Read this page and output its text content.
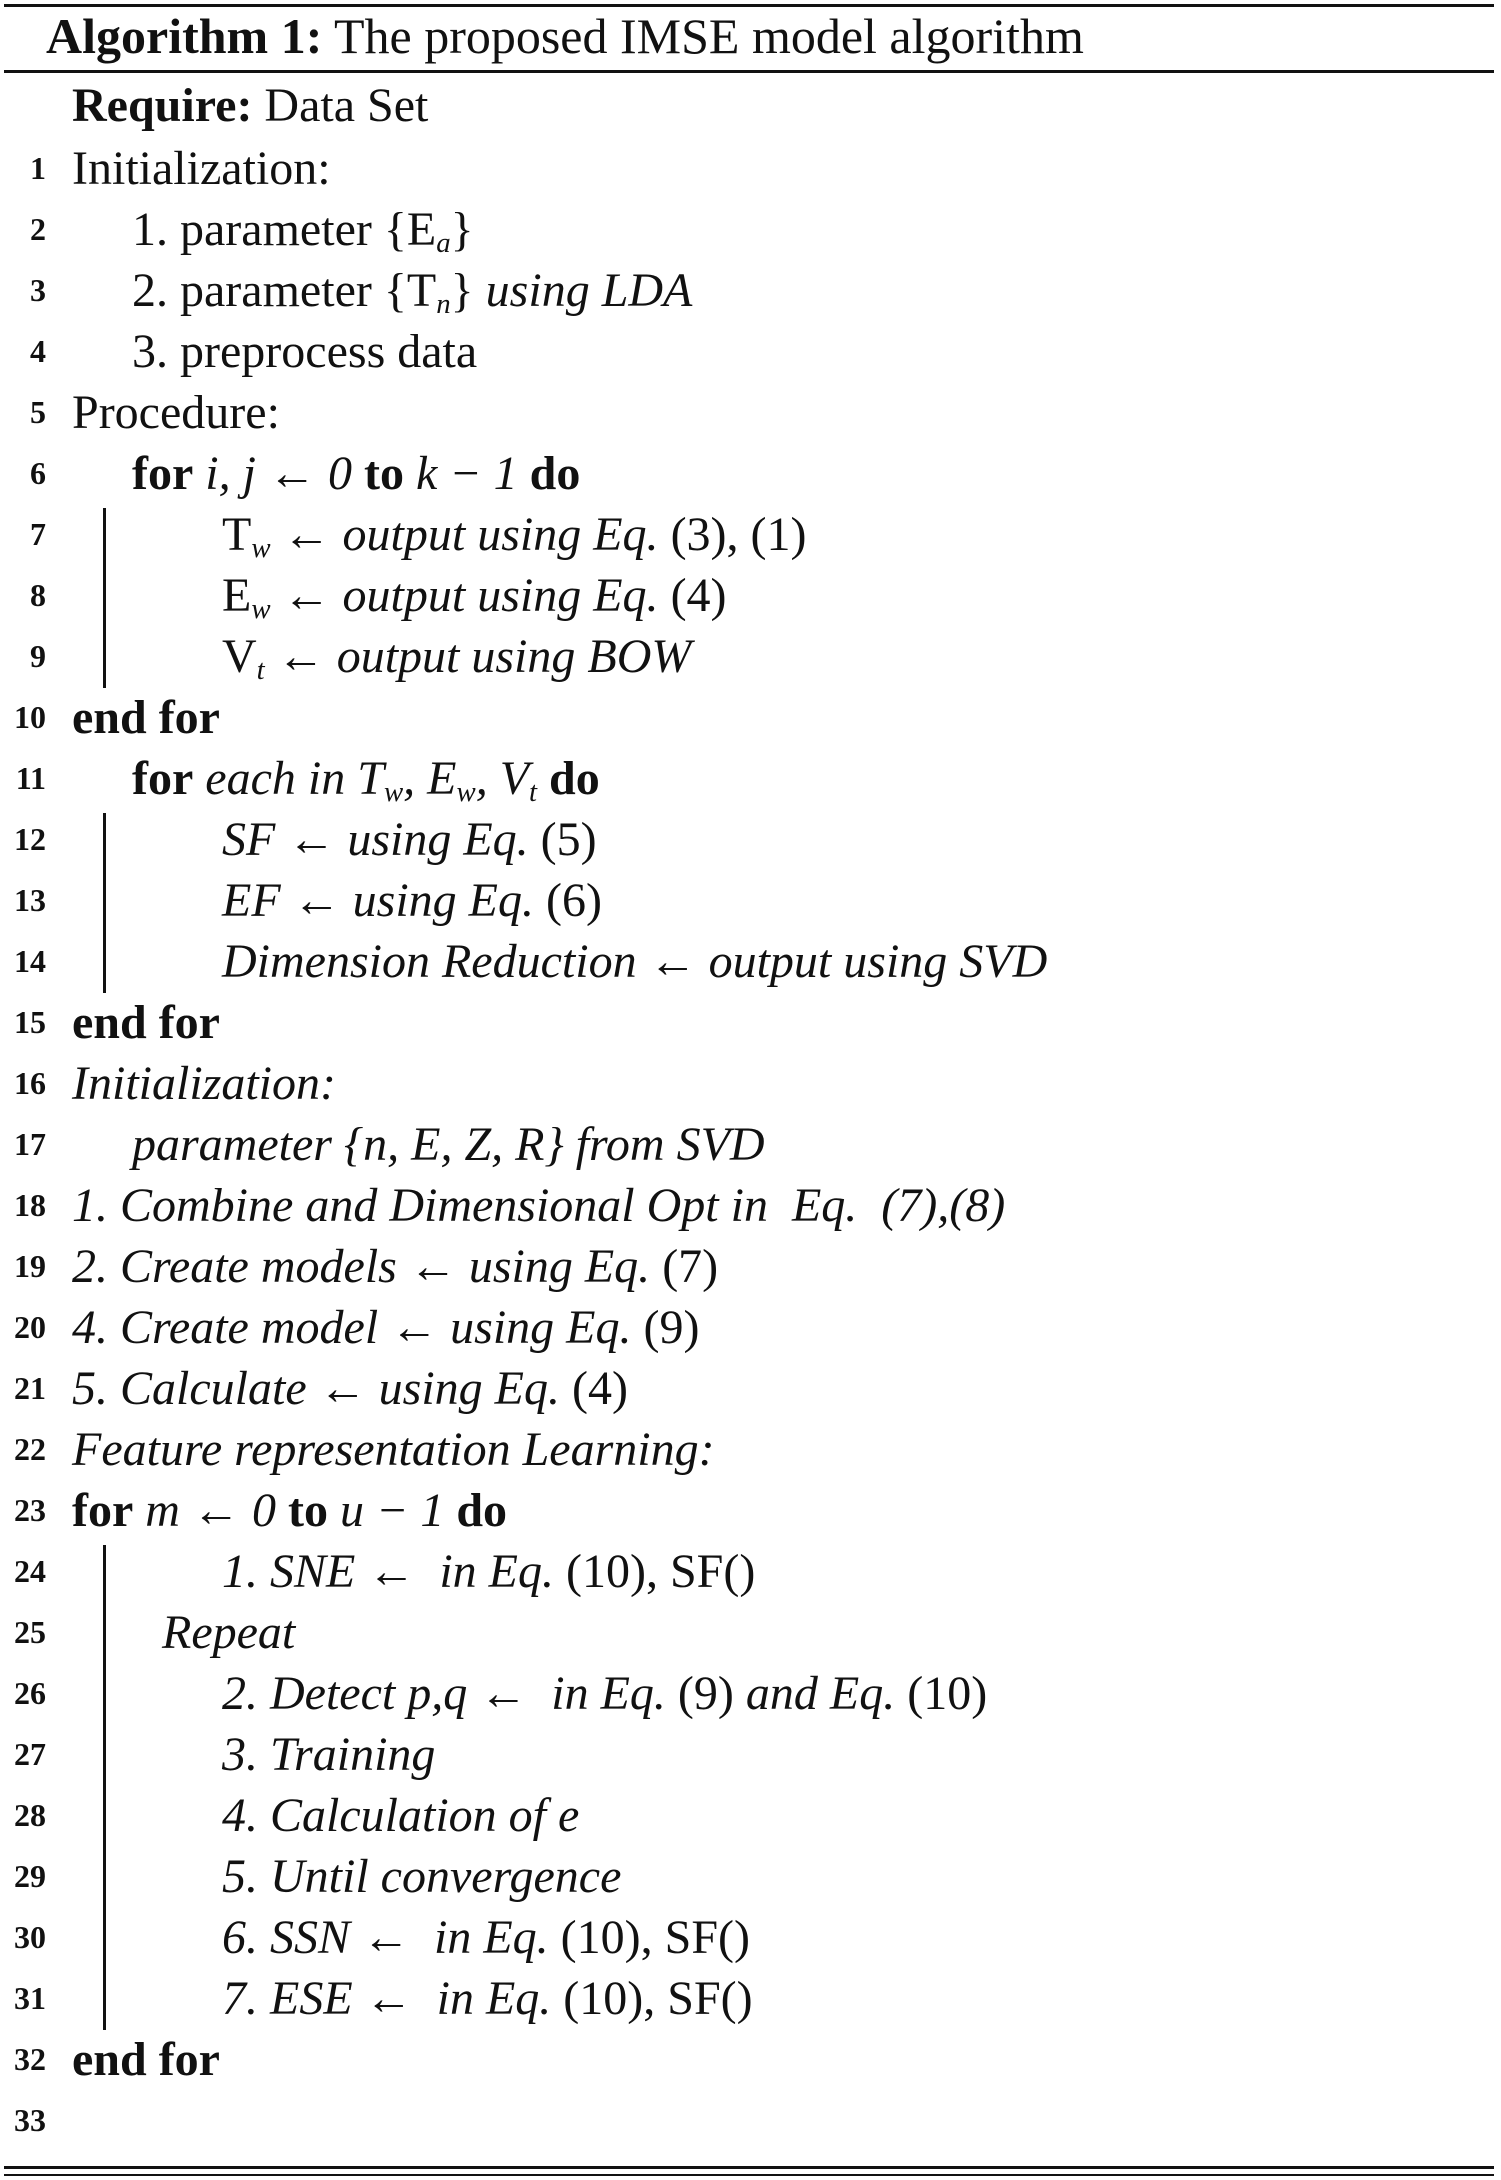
Algorithm 1: The proposed IMSE model algorithm
Require: Data Set
1 Initialization:
2 1. parameter $\{E_a\}$
3 2. parameter $\{T_n\}$ using LDA
4 3. preprocess data
5 Procedure:
6 for i, j ← 0 to k − 1 do
7	$T_w$ ← output using Eq. (3), (1)
8	$E_w$ ← output using Eq. (4)
9	$V_t$ ← output using BOW
10 end for
11 for each in $T_w$, $E_w$, $V_t$ do
12	SF ← using Eq. (5)
13	EF ← using Eq. (6)
14	Dimension Reduction ← output using SVD
15 end for
16 Initialization:
17 parameter {n, E, Z, R} from SVD
18 1. Combine and Dimensional Opt in  Eq.  (7),(8)
19 2. Create models ← using Eq. (7)
20 4. Create model ← using Eq. (9)
21 5. Calculate ← using Eq. (4)
22 Feature representation Learning:
23 for m ← 0 to u − 1 do
24	1. SNE ←  in Eq. (10), SF()
25 Repeat
26	2. Detect p,q ←  in Eq. (9) and Eq. (10)
27	3. Training
28	4. Calculation of e
29	5. Until convergence
30	6. SSN ←  in Eq. (10), SF()
31	7. ESE ←  in Eq. (10), SF()
32 end for
33
